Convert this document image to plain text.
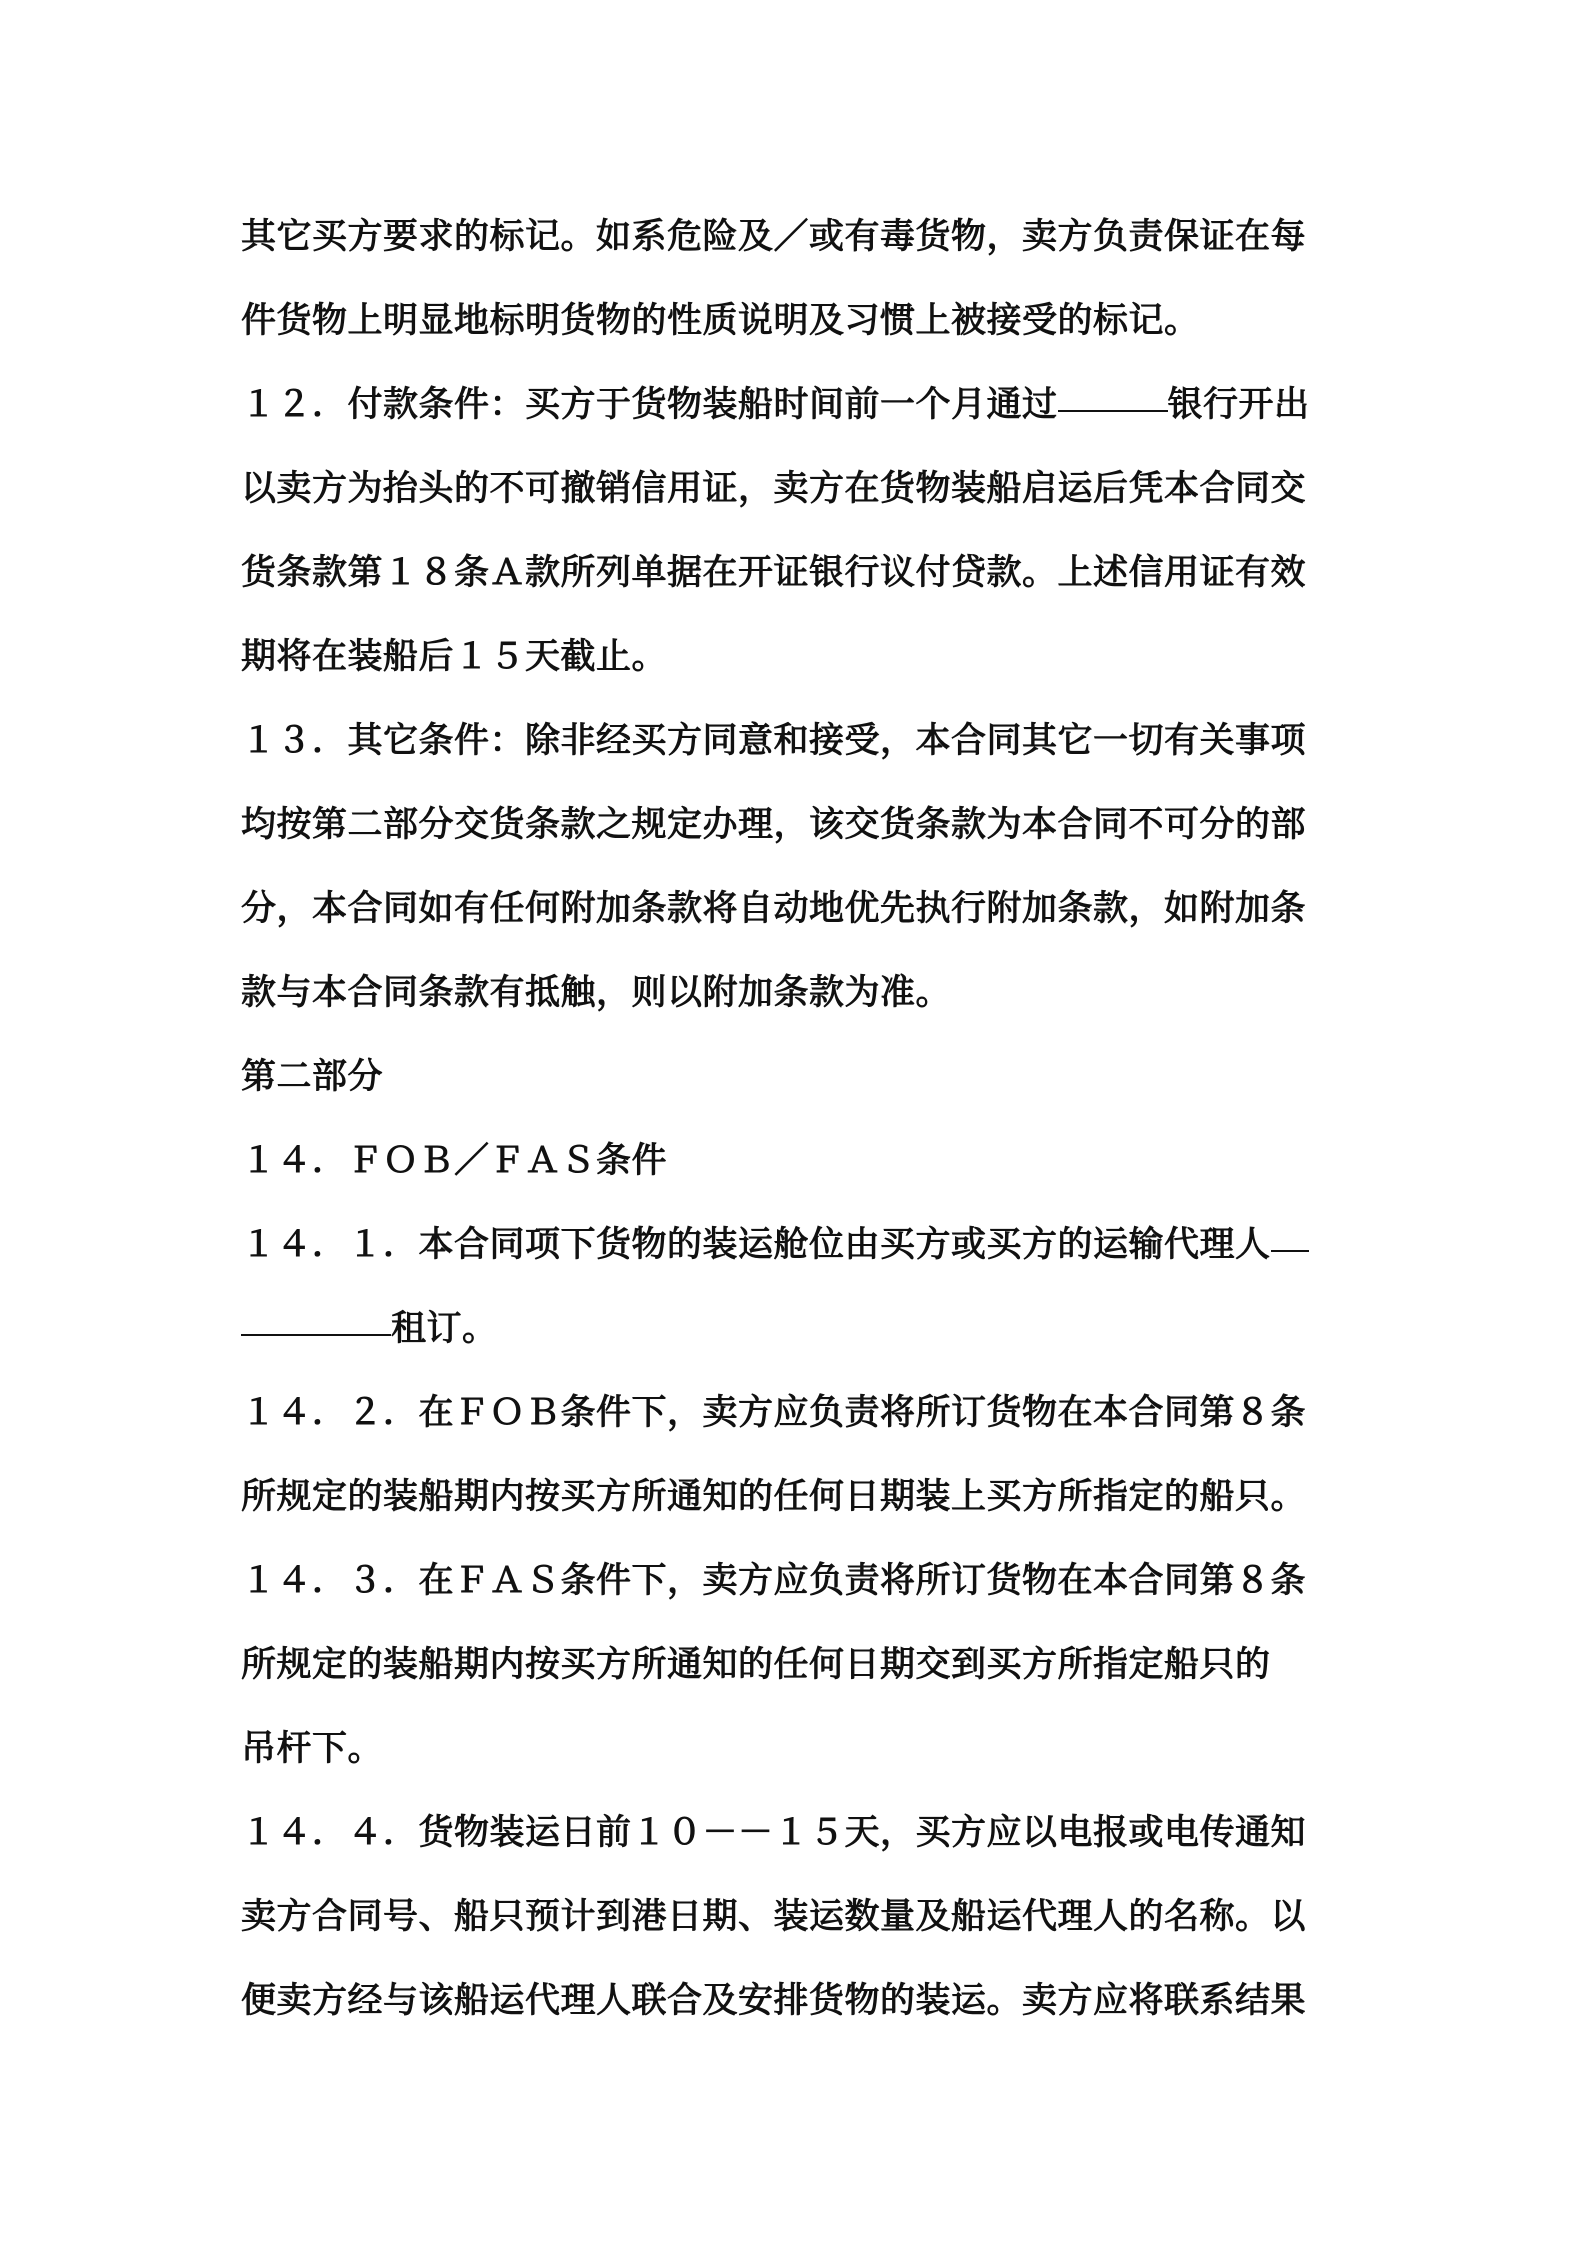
其它买方要求的标记。如系危险及／或有毒货物，卖方负责保证在每
件货物上明显地标明货物的性质说明及习惯上被接受的标记。
１２．付款条件：买方于货物装船时间前一个月通过	银行开出
以卖方为抬头的不可撤销信用证，卖方在货物装船启运后凭本合同交
货条款第１８条Ａ款所列单据在开证银行议付贷款。上述信用证有效
期将在装船后１５天截止。
１３．其它条件：除非经买方同意和接受，本合同其它一切有关事项
均按第二部分交货条款之规定办理，该交货条款为本合同不可分的部
分，本合同如有任何附加条款将自动地优先执行附加条款，如附加条
款与本合同条款有抵触，则以附加条款为准。
第二部分
１４．ＦＯＢ／ＦＡＳ条件
１４．１．本合同项下货物的装运舱位由买方或买方的运输代理人
租订。
１４．２．在ＦＯＢ条件下，卖方应负责将所订货物在本合同第８条
所规定的装船期内按买方所通知的任何日期装上买方所指定的船只。
１４．３．在ＦＡＳ条件下，卖方应负责将所订货物在本合同第８条
所规定的装船期内按买方所通知的任何日期交到买方所指定船只的
吊杆下。
１４．４．货物装运日前１０－－１５天，买方应以电报或电传通知
卖方合同号、船只预计到港日期、装运数量及船运代理人的名称。以
便卖方经与该船运代理人联合及安排货物的装运。卖方应将联系结果
